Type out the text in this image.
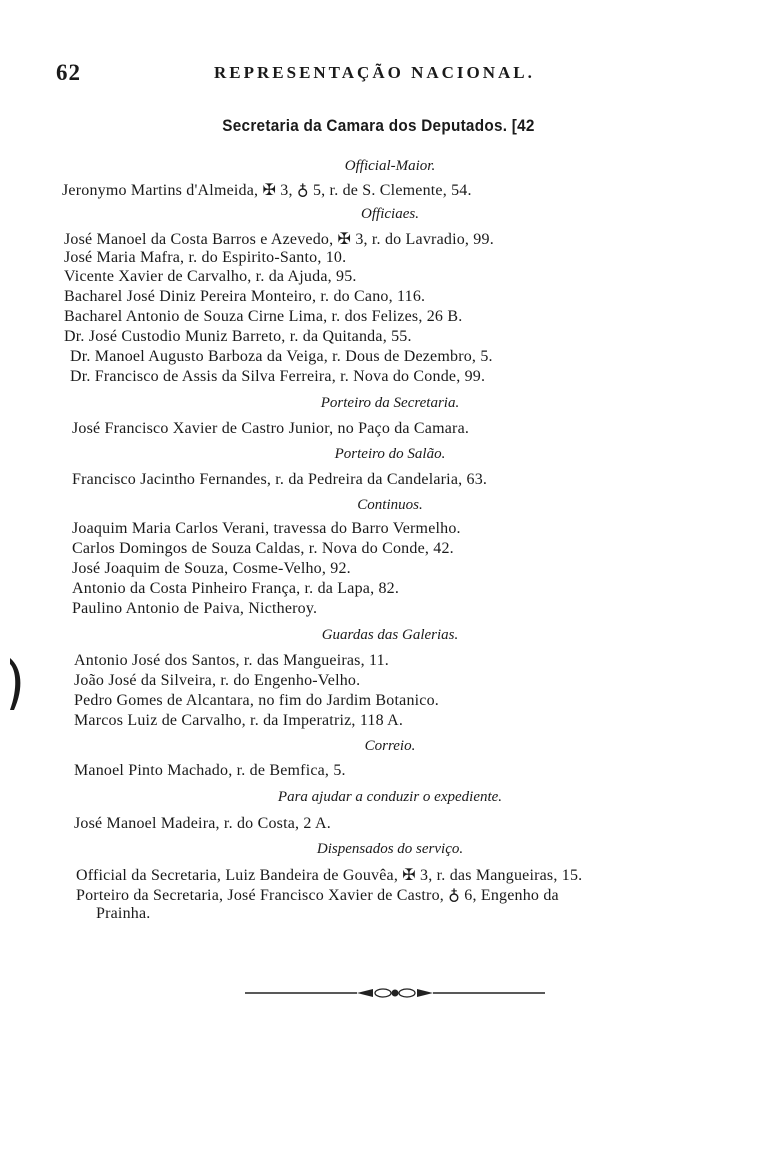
62	REPRESENTAÇÃO NACIONAL.
Secretaria da Camara dos Deputados. [42
Official-Maior.
Jeronymo Martins d'Almeida, ✠ 3, ♁ 5, r. de S. Clemente, 54.
Officiaes.
José Manoel da Costa Barros e Azevedo, ✠ 3, r. do Lavradio, 99.
José Maria Mafra, r. do Espirito-Santo, 10.
Vicente Xavier de Carvalho, r. da Ajuda, 95.
Bacharel José Diniz Pereira Monteiro, r. do Cano, 116.
Bacharel Antonio de Souza Cirne Lima, r. dos Felizes, 26 B.
Dr. José Custodio Muniz Barreto, r. da Quitanda, 55.
Dr. Manoel Augusto Barboza da Veiga, r. Dous de Dezembro, 5.
Dr. Francisco de Assis da Silva Ferreira, r. Nova do Conde, 99.
Porteiro da Secretaria.
José Francisco Xavier de Castro Junior, no Paço da Camara.
Porteiro do Salão.
Francisco Jacintho Fernandes, r. da Pedreira da Candelaria, 63.
Continuos.
Joaquim Maria Carlos Verani, travessa do Barro Vermelho.
Carlos Domingos de Souza Caldas, r. Nova do Conde, 42.
José Joaquim de Souza, Cosme-Velho, 92.
Antonio da Costa Pinheiro França, r. da Lapa, 82.
Paulino Antonio de Paiva, Nictheroy.
Guardas das Galerias.
Antonio José dos Santos, r. das Mangueiras, 11.
João José da Silveira, r. do Engenho-Velho.
Pedro Gomes de Alcantara, no fim do Jardim Botanico.
Marcos Luiz de Carvalho, r. da Imperatriz, 118 A.
Correio.
Manoel Pinto Machado, r. de Bemfica, 5.
Para ajudar a conduzir o expediente.
José Manoel Madeira, r. do Costa, 2 A.
Dispensados do serviço.
Official da Secretaria, Luiz Bandeira de Gouvêa, ✠ 3, r. das Mangueiras, 15.
Porteiro da Secretaria, José Francisco Xavier de Castro, ♁ 6, Engenho da
Prainha.
